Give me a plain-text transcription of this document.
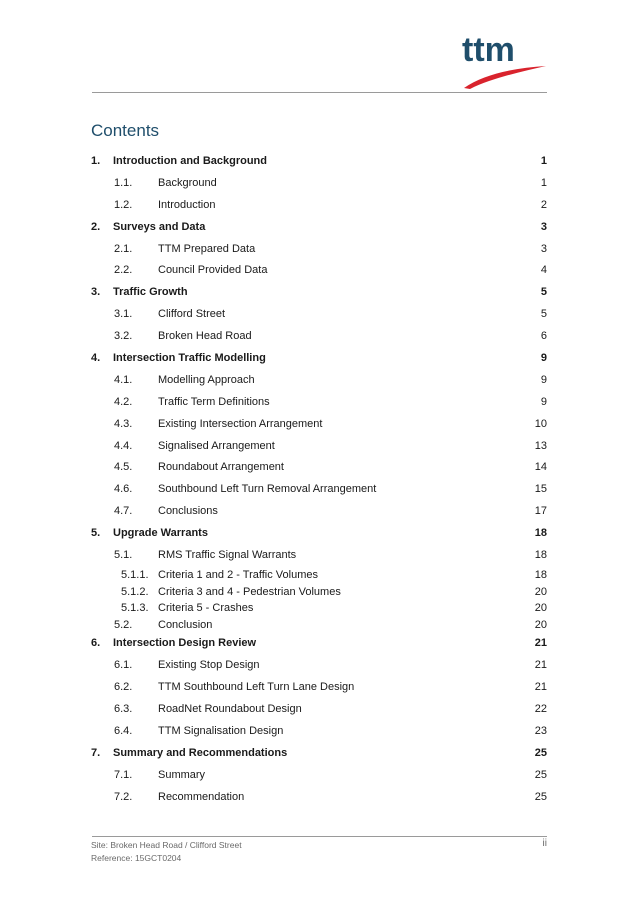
ttm
Contents
1. Introduction and Background	1
1.1. Background	1
1.2. Introduction	2
2. Surveys and Data	3
2.1. TTM Prepared Data	3
2.2. Council Provided Data	4
3. Traffic Growth	5
3.1. Clifford Street	5
3.2. Broken Head Road	6
4. Intersection Traffic Modelling	9
4.1. Modelling Approach	9
4.2. Traffic Term Definitions	9
4.3. Existing Intersection Arrangement	10
4.4. Signalised Arrangement	13
4.5. Roundabout Arrangement	14
4.6. Southbound Left Turn Removal Arrangement	15
4.7. Conclusions	17
5. Upgrade Warrants	18
5.1. RMS Traffic Signal Warrants	18
5.1.1. Criteria 1 and 2 - Traffic Volumes	18
5.1.2. Criteria 3 and 4 - Pedestrian Volumes	20
5.1.3. Criteria 5 - Crashes	20
5.2. Conclusion	20
6. Intersection Design Review	21
6.1. Existing Stop Design	21
6.2. TTM Southbound Left Turn Lane Design	21
6.3. RoadNet Roundabout Design	22
6.4. TTM Signalisation Design	23
7. Summary and Recommendations	25
7.1. Summary	25
7.2. Recommendation	25
Site: Broken Head Road / Clifford Street
Reference: 15GCT0204
ii
